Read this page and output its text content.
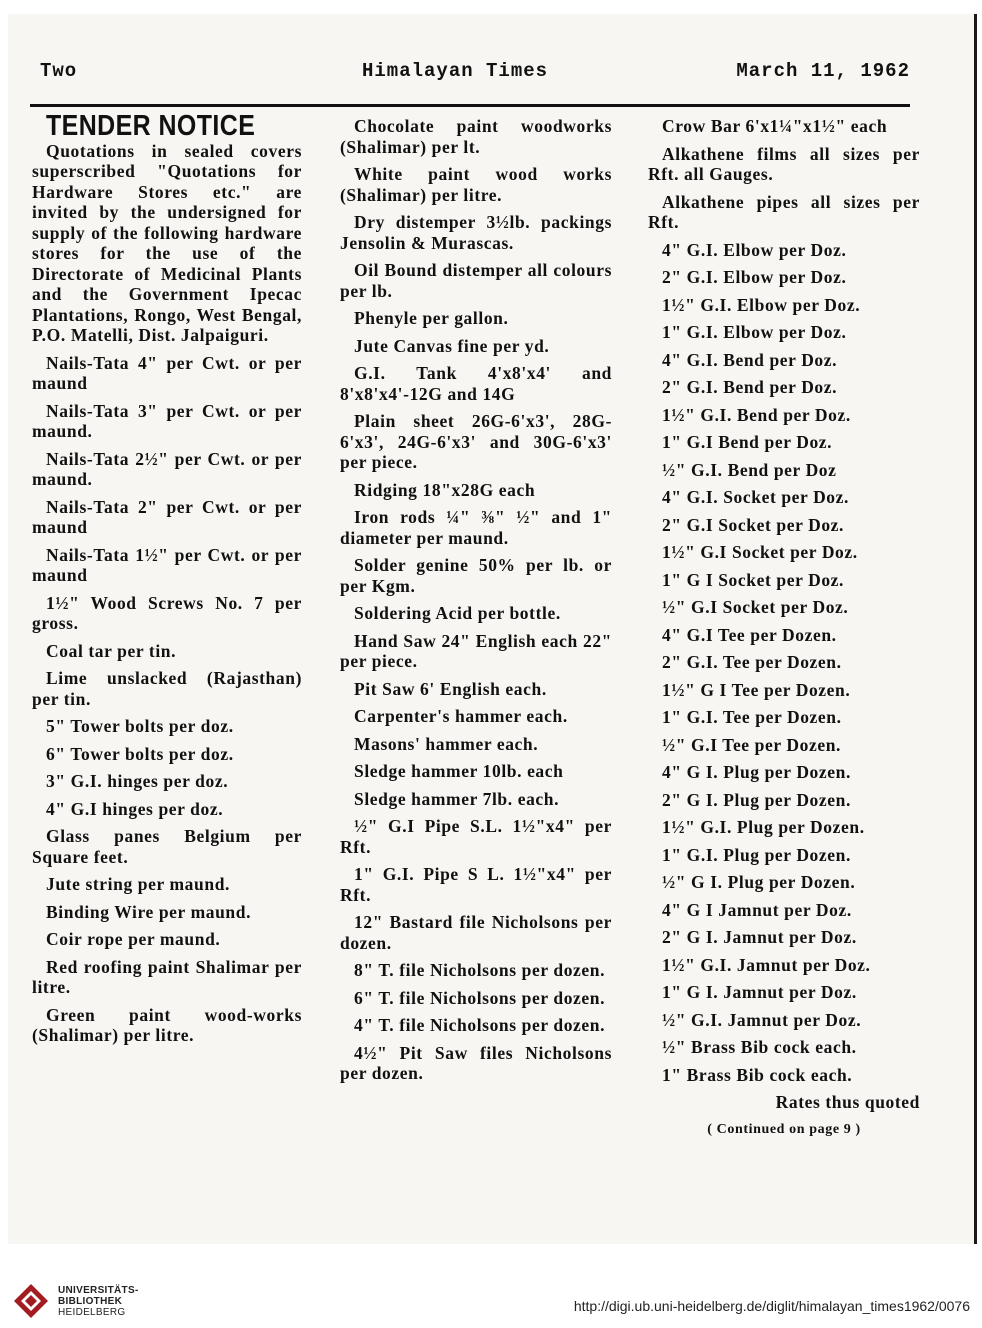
Two	Himalayan Times	March 11, 1962
TENDER NOTICE

Quotations in sealed covers superscribed "Quotations for Hardware Stores etc." are invited by the undersigned for supply of the following hardware stores for the use of the Directorate of Medicinal Plants and the Government Ipecac Plantations, Rongo, West Bengal, P.O. Matelli, Dist. Jalpaiguri.

Nails-Tata 4" per Cwt. or per maund

Nails-Tata 3" per Cwt. or per maund.

Nails-Tata 2½" per Cwt. or per maund.

Nails-Tata 2" per Cwt. or per maund

Nails-Tata 1½" per Cwt. or per maund

1½" Wood Screws No. 7 per gross.

Coal tar per tin.

Lime unslacked (Rajasthan) per tin.

5" Tower bolts per doz.

6" Tower bolts per doz.

3" G.I. hinges per doz.

4" G.I hinges per doz.

Glass panes Belgium per Square feet.

Jute string per maund.

Binding Wire per maund.

Coir rope per maund.

Red roofing paint Shalimar per litre.

Green paint wood-works (Shalimar) per litre.

Chocolate paint woodworks (Shalimar) per lt.

White paint wood works (Shalimar) per litre.

Dry distemper 3½lb. packings Jensolin & Murascas.

Oil Bound distemper all colours per lb.

Phenyle per gallon.

Jute Canvas fine per yd.

G.I. Tank 4'x8'x4' and 8'x8'x4'-12G and 14G

Plain sheet 26G-6'x3', 28G-6'x3', 24G-6'x3' and 30G-6'x3' per piece.

Ridging 18"x28G each

Iron rods ¼" ⅜" ½" and 1" diameter per maund.

Solder genine 50% per lb. or per Kgm.

Soldering Acid per bottle.

Hand Saw 24" English each 22" per piece.

Pit Saw 6' English each.

Carpenter's hammer each.

Masons' hammer each.

Sledge hammer 10lb. each

Sledge hammer 7lb. each.

½" G.I Pipe S.L. 1½"x4" per Rft.

1" G.I. Pipe S L. 1½"x4" per Rft.

12" Bastard file Nicholsons per dozen.

8" T. file Nicholsons per dozen.

6" T. file Nicholsons per dozen.

4" T. file Nicholsons per dozen.

4½" Pit Saw files Nicholsons per dozen.

Crow Bar 6'x1¼"x1½" each

Alkathene films all sizes per Rft. all Gauges.

Alkathene pipes all sizes per Rft.

4" G.I. Elbow per Doz.

2" G.I. Elbow per Doz.

1½" G.I. Elbow per Doz.

1" G.I. Elbow per Doz.

4" G.I. Bend per Doz.

2" G.I. Bend per Doz.

1½" G.I. Bend per Doz.

1" G.I Bend per Doz.

½" G.I. Bend per Doz

4" G.I. Socket per Doz.

2" G.I Socket per Doz.

1½" G.I Socket per Doz.

1" G I Socket per Doz.

½" G.I Socket per Doz.

4" G.I Tee per Dozen.

2" G.I. Tee per Dozen.

1½" G I Tee per Dozen.

1" G.I. Tee per Dozen.

½" G.I Tee per Dozen.

4" G I. Plug per Dozen.

2" G I. Plug per Dozen.

1½" G.I. Plug per Dozen.

1" G.I. Plug per Dozen.

½" G I. Plug per Dozen.

4" G I Jamnut per Doz.

2" G I. Jamnut per Doz.

1½" G.I. Jamnut per Doz.

1" G I. Jamnut per Doz.

½" G.I. Jamnut per Doz.

½" Brass Bib cock each.

1" Brass Bib cock each.

Rates thus quoted

( Continued on page 9 )

UNIVERSITÄTS-
BIBLIOTHEK
HEIDELBERG	http://digi.ub.uni-heidelberg.de/diglit/himalayan_times1962/0076
